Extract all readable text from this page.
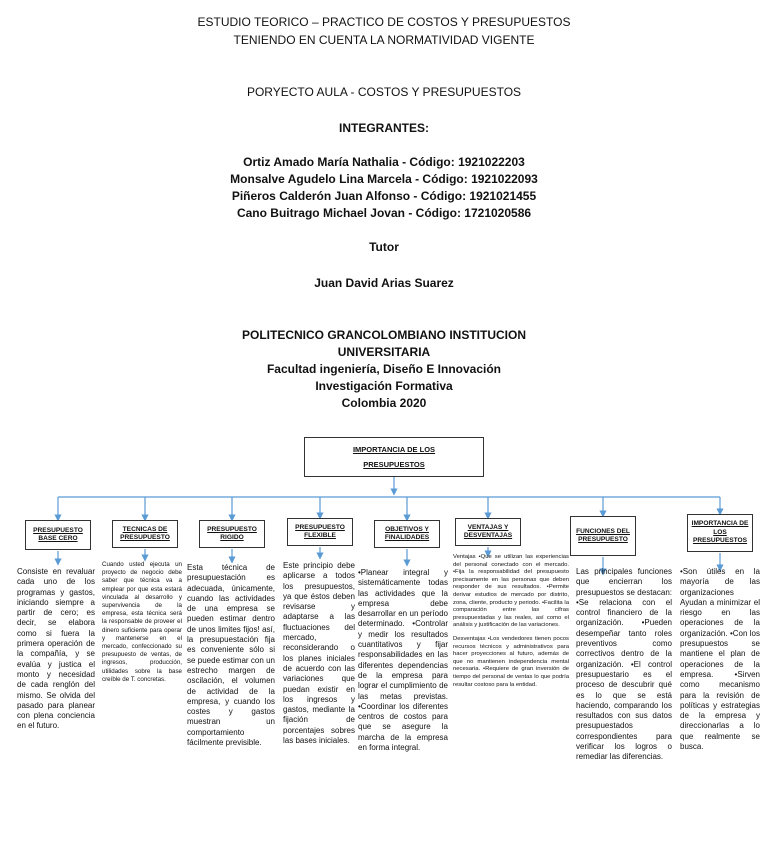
ESTUDIO TEORICO – PRACTICO DE COSTOS Y PRESUPUESTOS
TENIENDO EN CUENTA LA NORMATIVIDAD VIGENTE
PORYECTO AULA - COSTOS Y PRESUPUESTOS
INTEGRANTES:
Ortiz Amado María Nathalia - Código: 1921022203
Monsalve Agudelo Lina Marcela - Código: 1921022093
Piñeros Calderón Juan Alfonso - Código: 1921021455
Cano Buitrago Michael Jovan - Código: 1721020586
Tutor
Juan David Arias Suarez
POLITECNICO GRANCOLOMBIANO INSTITUCION
UNIVERSITARIA
Facultad ingeniería, Diseño E Innovación
Investigación Formativa
Colombia 2020
IMPORTANCIA DE LOS
PRESUPUESTOS
PRESUPUESTO BASE CERO
TECNICAS DE PRESUPUESTO
PRESUPUESTO RIGIDO
PRESUPUESTO FLEXIBLE
OBJETIVOS Y FINALIDADES
VENTAJAS Y DESVENTAJAS
FUNCIONES DEL PRESUPUESTO
IMPORTANCIA DE LOS PRESUPUESTOS

Consiste en revaluar cada uno de los programas y gastos, iniciando siempre a partir de cero; es decir, se elabora como si fuera la primera operación de la compañía, y se evalúa y justica el monto y necesidad de cada renglón del mismo. Se olvida del pasado para planear con plena conciencia en el futuro.

Cuando usted ejecuta un proyecto de negocio debe saber que técnica va a emplear por que esta estará vinculada al desarrollo y supervivencia de la empresa, esta técnica será la responsable de proveer el dinero suficiente para operar y mantenerse en el mercado, confeccionado su presupuesto de ventas, de ingresos, producción, utilidades sobre la base creíble de T. concretas.

Esta técnica de presupuestación es adecuada, únicamente, cuando las actividades de una empresa se pueden estimar dentro de unos limites fijos! así, la presupuestación fija es conveniente sólo si se puede estimar con un estrecho margen de oscilación, el volumen de actividad de la empresa, y cuando los costes y gastos muestran un comportamiento fácilmente previsible.

Este principio debe aplicarse a todos los presupuestos, ya que éstos deben revisarse y adaptarse a las fluctuaciones del mercado, reconsiderando o los planes iniciales de acuerdo con las variaciones que puedan existir en los ingresos y gastos, mediante la fijación de porcentajes sobres las bases iniciales.

•Planear integral y sistemáticamente todas las actividades que la empresa debe desarrollar en un período determinado. •Controlar y medir los resultados cuantitativos y fijar responsabilidades en las diferentes dependencias de la empresa para lograr el cumplimiento de las metas previstas. •Coordinar los diferentes centros de costos para que se asegure la marcha de la empresa en forma integral.

Ventajas •Que se utilizan las experiencias del personal conectado con el mercado. •Fija la responsabilidad del presupuesto precisamente en las personas que deben responder de sus resultados. •Permite derivar estudios de mercado por distrito, zona, cliente, producto y periodo. •Facilita la comparación entre las cifras presupuestadas y las reales, así como el análisis y justificación de las variaciones.

Desventajas •Los vendedores tienen pocos recursos técnicos y administrativos para hacer proyecciones al futuro, además de que no mantienen independencia mental necesaria. •Requiere de gran inversión de tiempo del personal de ventas lo que podría resultar costoso para la entidad.

Las principales funciones que encierran los presupuestos se destacan: •Se relaciona con el control financiero de la organización. •Pueden desempeñar tanto roles preventivos como correctivos dentro de la organización. •El control presupuestario es el proceso de descubrir qué es lo que se está haciendo, comparando los resultados con sus datos presupuestados correspondientes para verificar los logros o remediar las diferencias.

•Son útiles en la mayoría de las organizaciones Ayudan a minimizar el riesgo en las operaciones de la organización. •Con los presupuestos se mantiene el plan de operaciones de la empresa. •Sirven como mecanismo para la revisión de políticas y estrategias de la empresa y direccionarlas a lo que realmente se busca.
